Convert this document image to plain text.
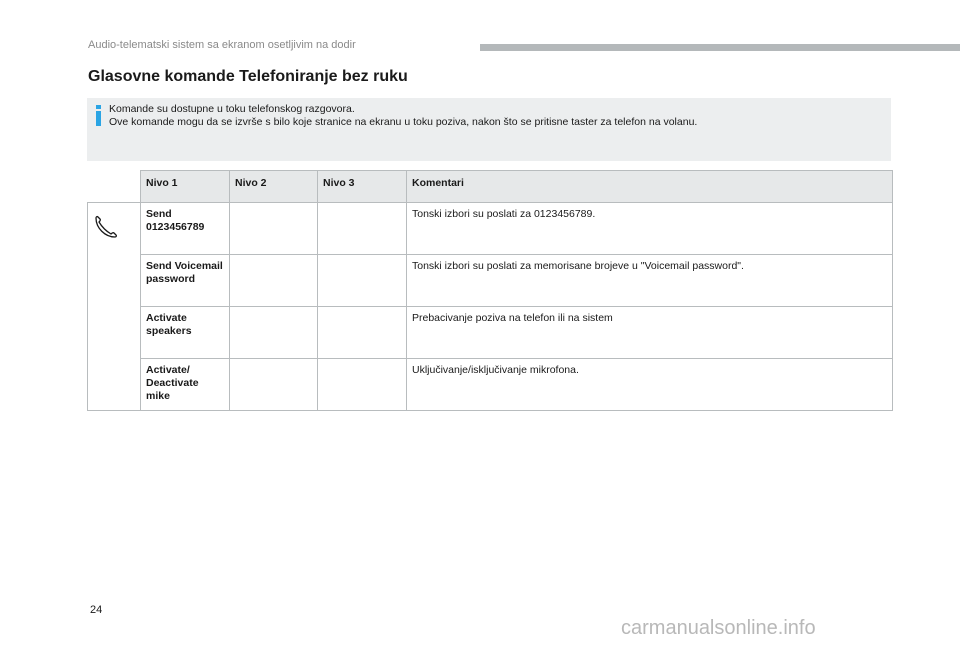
Audio-telematski sistem sa ekranom osetljivim na dodir
Glasovne komande Telefoniranje bez ruku
Komande su dostupne u toku telefonskog razgovora.
Ove komande mogu da se izvrše s bilo koje stranice na ekranu u toku poziva, nakon što se pritisne taster za telefon na volanu.
	Nivo 1	Nivo 2	Nivo 3	Komentari
	Send 0123456789			Tonski izbori su poslati za 0123456789.
	Send Voicemail password			Tonski izbori su poslati za memorisane brojeve u "Voicemail password".
	Activate speakers			Prebacivanje poziva na telefon ili na sistem
	Activate/ Deactivate mike			Uključivanje/isključivanje mikrofona.
24
carmanualsonline.info
